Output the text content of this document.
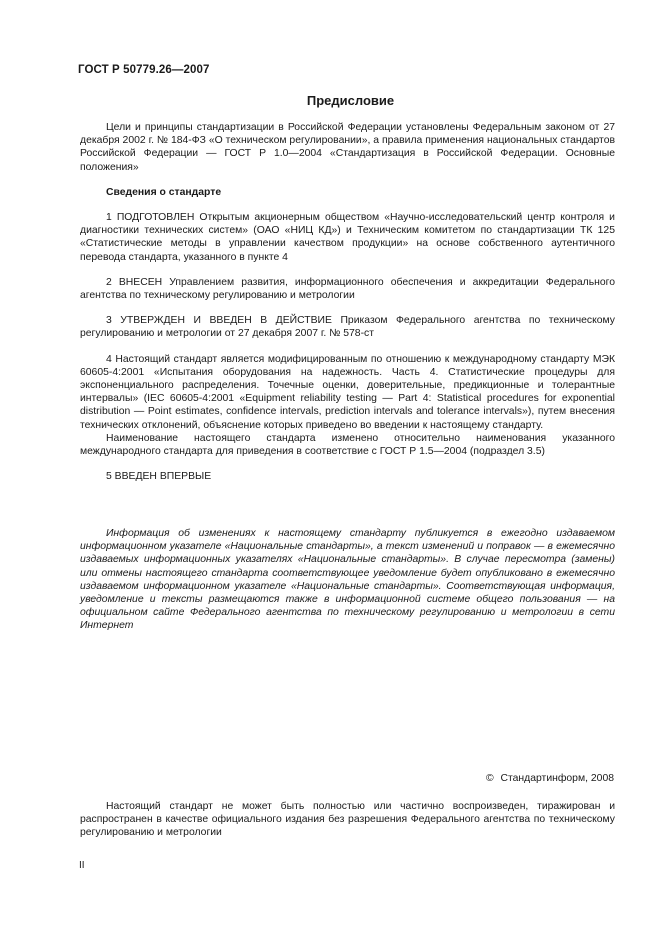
ГОСТ Р 50779.26—2007
Предисловие

Цели и принципы стандартизации в Российской Федерации установлены Федеральным законом от 27 декабря 2002 г. № 184-ФЗ «О техническом регулировании», а правила применения национальных стандартов Российской Федерации — ГОСТ Р 1.0—2004 «Стандартизация в Российской Федерации. Основные положения»

Сведения о стандарте

1 ПОДГОТОВЛЕН Открытым акционерным обществом «Научно-исследовательский центр контроля и диагностики технических систем» (ОАО «НИЦ КД») и Техническим комитетом по стандартизации ТК 125 «Статистические методы в управлении качеством продукции» на основе собственного аутентичного перевода стандарта, указанного в пункте 4

2 ВНЕСЕН Управлением развития, информационного обеспечения и аккредитации Федерального агентства по техническому регулированию и метрологии

3 УТВЕРЖДЕН И ВВЕДЕН В ДЕЙСТВИЕ Приказом Федерального агентства по техническому регулированию и метрологии от 27 декабря 2007 г. № 578-ст

4 Настоящий стандарт является модифицированным по отношению к международному стандарту МЭК 60605-4:2001 «Испытания оборудования на надежность. Часть 4. Статистические процедуры для экспоненциального распределения. Точечные оценки, доверительные, предикционные и толерантные интервалы» (IEC 60605-4:2001 «Equipment reliability testing — Part 4: Statistical procedures for exponential distribution — Point estimates, confidence intervals, prediction intervals and tolerance intervals»), путем внесения технических отклонений, объяснение которых приведено во введении к настоящему стандарту.

Наименование настоящего стандарта изменено относительно наименования указанного международного стандарта для приведения в соответствие с ГОСТ Р 1.5—2004 (подраздел 3.5)

5 ВВЕДЕН ВПЕРВЫЕ

Информация об изменениях к настоящему стандарту публикуется в ежегодно издаваемом информационном указателе «Национальные стандарты», а текст изменений и поправок — в ежемесячно издаваемых информационных указателях «Национальные стандарты». В случае пересмотра (замены) или отмены настоящего стандарта соответствующее уведомление будет опубликовано в ежемесячно издаваемом информационном указателе «Национальные стандарты». Соответствующая информация, уведомление и тексты размещаются также в информационной системе общего пользования — на официальном сайте Федерального агентства по техническому регулированию и метрологии в сети Интернет

© Стандартинформ, 2008

Настоящий стандарт не может быть полностью или частично воспроизведен, тиражирован и распространен в качестве официального издания без разрешения Федерального агентства по техническому регулированию и метрологии

II
